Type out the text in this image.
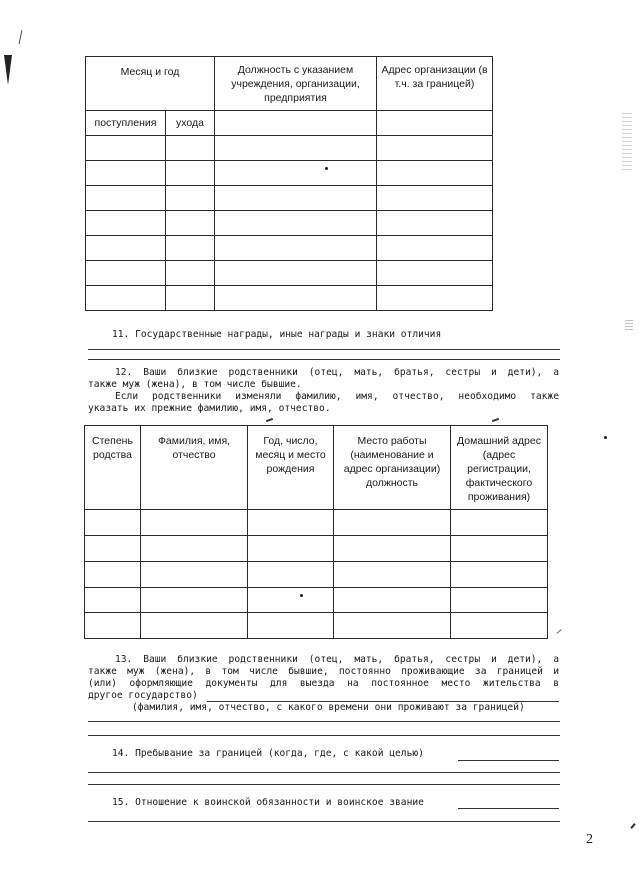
Месяц и год		Должность с указанием учреждения, организации, предприятия	Адрес организации (в т.ч. за границей)
поступления	ухода		

11. Государственные награды, иные награды и знаки отличия
12. Ваши близкие родственники (отец, мать, братья, сестры и дети), а
также муж (жена), в том числе бывшие.
Если родственники изменяли фамилию, имя, отчество, необходимо также
указать их прежние фамилию, имя, отчество.
Степень родства	Фамилия, имя, отчество	Год, число, месяц и место рождения	Место работы (наименование и адрес организации) должность	Домашний адрес (адрес регистрации, фактического проживания)

13. Ваши близкие родственники (отец, мать, братья, сестры и дети), а
также муж (жена), в том числе бывшие, постоянно проживающие за границей и
(или) оформляющие документы для выезда на постоянное место жительства в
другое государство)
(фамилия, имя, отчество, с какого времени они проживают за границей)
14. Пребывание за границей (когда, где, с какой целью)
15. Отношение к воинской обязанности и воинское звание
2
